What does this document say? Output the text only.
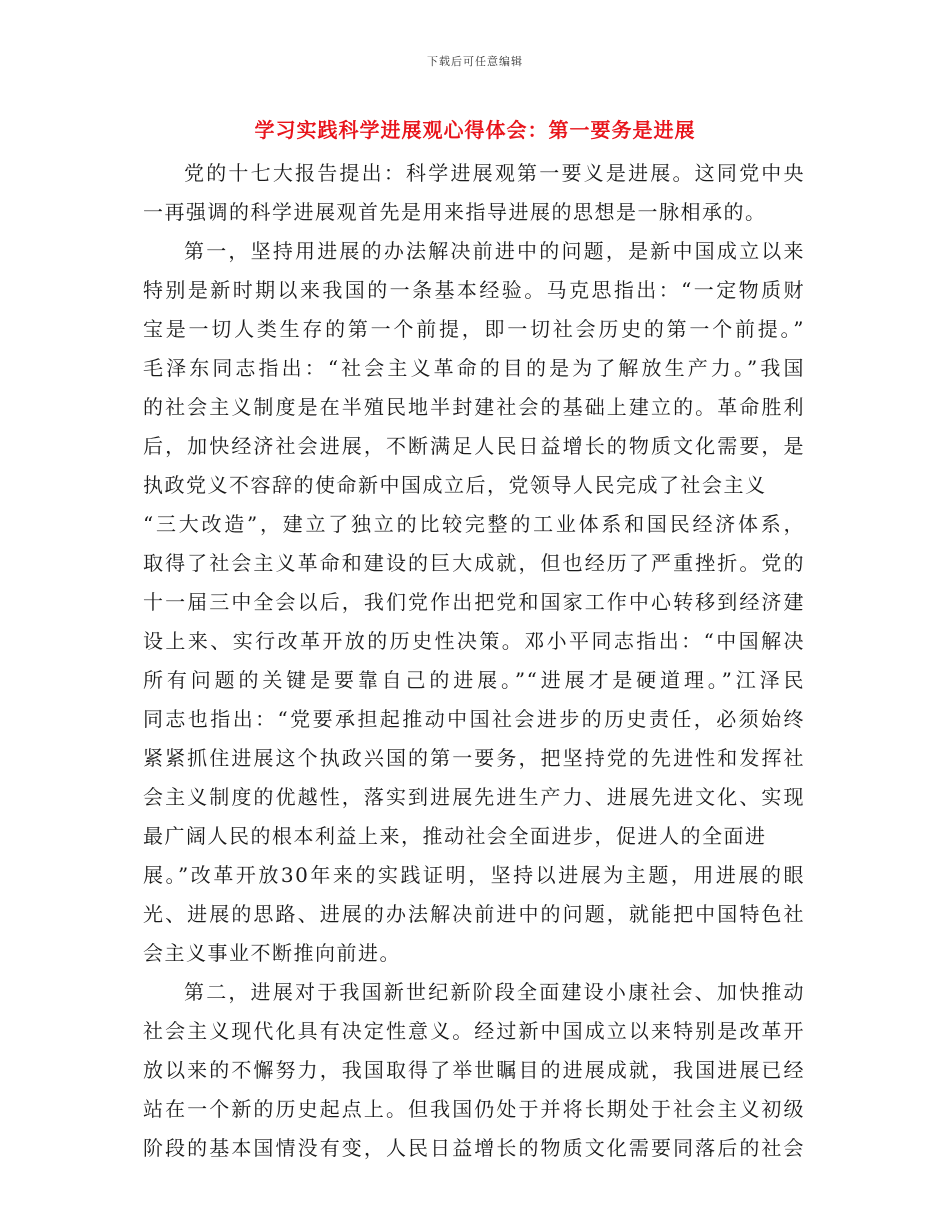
下载后可任意编辑
学习实践科学进展观心得体会：第一要务是进展
党的十七大报告提出：科学进展观第一要义是进展。这同党中央
一再强调的科学进展观首先是用来指导进展的思想是一脉相承的。
第一，坚持用进展的办法解决前进中的问题，是新中国成立以来
特别是新时期以来我国的一条基本经验。马克思指出：“一定物质财
宝是一切人类生存的第一个前提，即一切社会历史的第一个前提。”
毛泽东同志指出：“社会主义革命的目的是为了解放生产力。”我国
的社会主义制度是在半殖民地半封建社会的基础上建立的。革命胜利
后，加快经济社会进展，不断满足人民日益增长的物质文化需要，是
执政党义不容辞的使命新中国成立后，党领导人民完成了社会主义
“三大改造”，建立了独立的比较完整的工业体系和国民经济体系，
取得了社会主义革命和建设的巨大成就，但也经历了严重挫折。党的
十一届三中全会以后，我们党作出把党和国家工作中心转移到经济建
设上来、实行改革开放的历史性决策。邓小平同志指出：“中国解决
所有问题的关键是要靠自己的进展。”“进展才是硬道理。”江泽民
同志也指出：“党要承担起推动中国社会进步的历史责任，必须始终
紧紧抓住进展这个执政兴国的第一要务，把坚持党的先进性和发挥社
会主义制度的优越性，落实到进展先进生产力、进展先进文化、实现
最广阔人民的根本利益上来，推动社会全面进步，促进人的全面进
展。”改革开放30年来的实践证明，坚持以进展为主题，用进展的眼
光、进展的思路、进展的办法解决前进中的问题，就能把中国特色社
会主义事业不断推向前进。
第二，进展对于我国新世纪新阶段全面建设小康社会、加快推动
社会主义现代化具有决定性意义。经过新中国成立以来特别是改革开
放以来的不懈努力，我国取得了举世瞩目的进展成就，我国进展已经
站在一个新的历史起点上。但我国仍处于并将长期处于社会主义初级
阶段的基本国情没有变，人民日益增长的物质文化需要同落后的社会
